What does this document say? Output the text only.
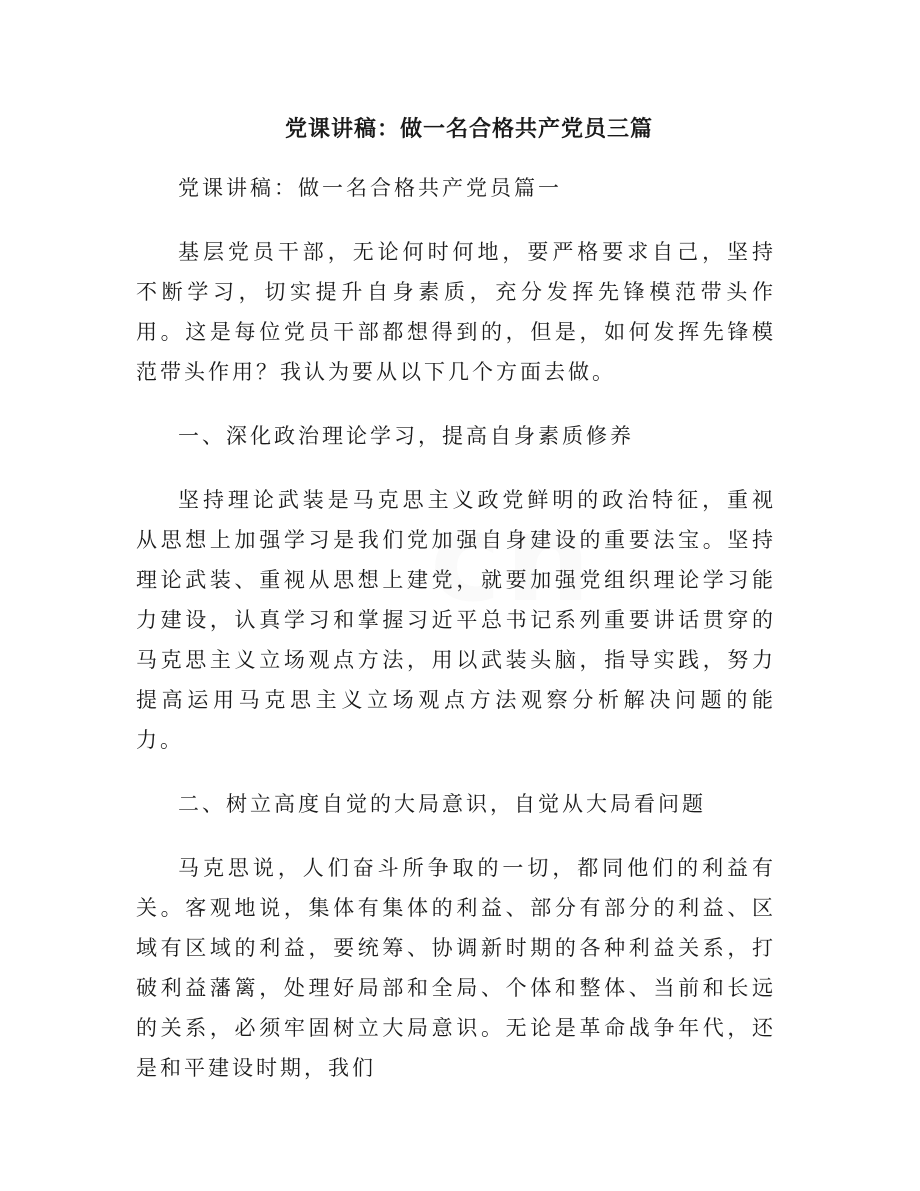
cn
党课讲稿：做一名合格共产党员三篇

党课讲稿：做一名合格共产党员篇一

基层党员干部，无论何时何地，要严格要求自己，坚持不断学习，切实提升自身素质，充分发挥先锋模范带头作用。这是每位党员干部都想得到的，但是，如何发挥先锋模范带头作用？我认为要从以下几个方面去做。

一、深化政治理论学习，提高自身素质修养

坚持理论武装是马克思主义政党鲜明的政治特征，重视从思想上加强学习是我们党加强自身建设的重要法宝。坚持理论武装、重视从思想上建党，就要加强党组织理论学习能力建设，认真学习和掌握习近平总书记系列重要讲话贯穿的马克思主义立场观点方法，用以武装头脑，指导实践，努力提高运用马克思主义立场观点方法观察分析解决问题的能力。

二、树立高度自觉的大局意识，自觉从大局看问题

马克思说，人们奋斗所争取的一切，都同他们的利益有关。客观地说，集体有集体的利益、部分有部分的利益、区域有区域的利益，要统筹、协调新时期的各种利益关系，打破利益藩篱，处理好局部和全局、个体和整体、当前和长远的关系，必须牢固树立大局意识。无论是革命战争年代，还是和平建设时期，我们
